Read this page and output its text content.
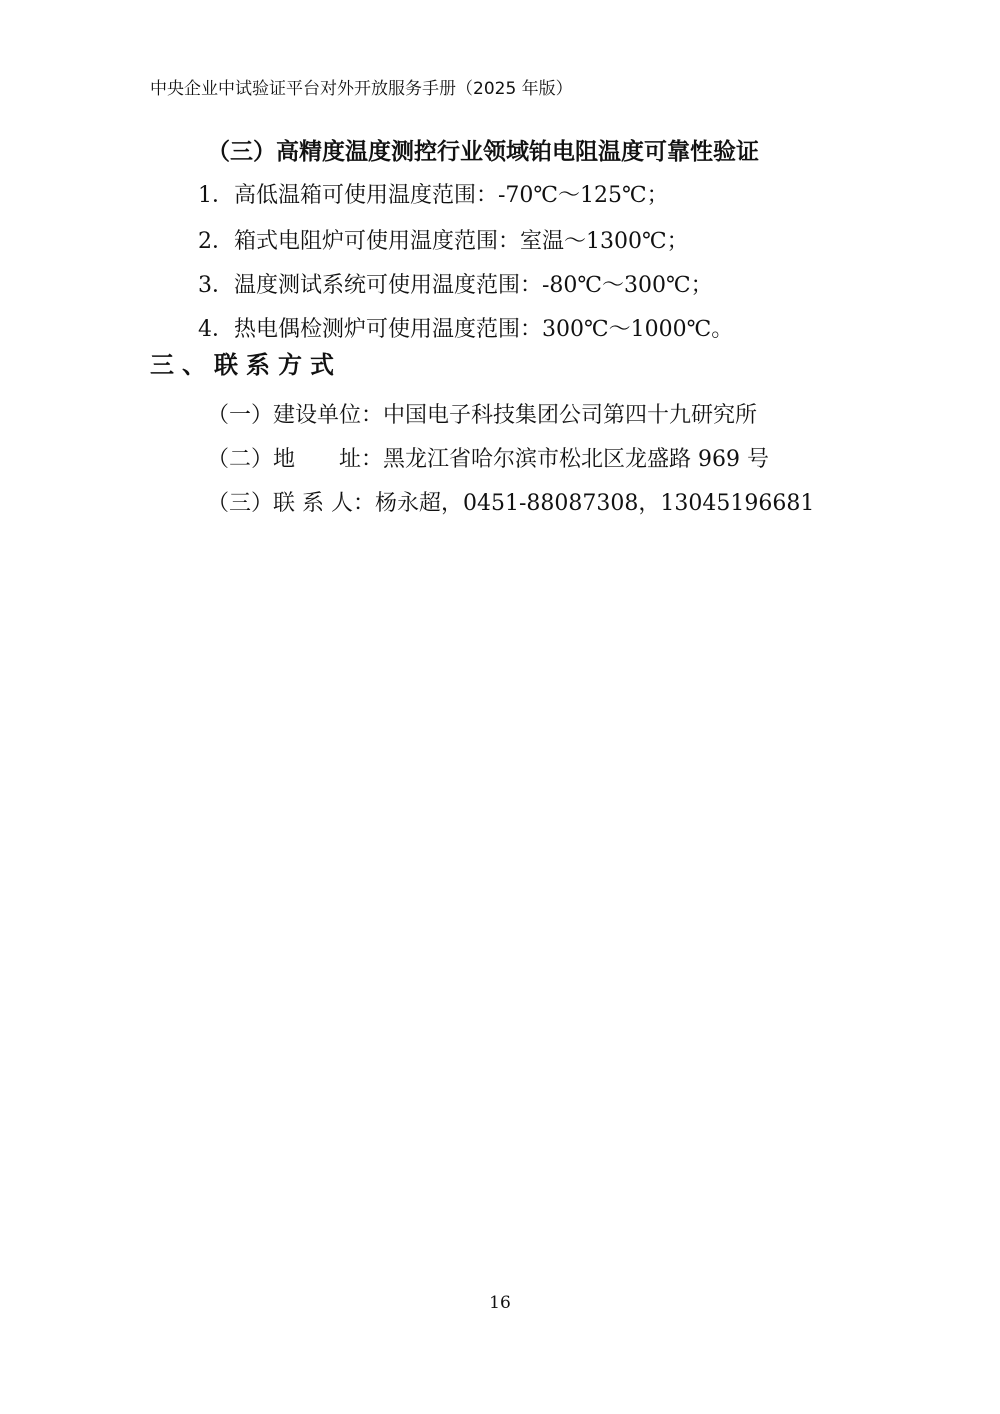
中央企业中试验证平台对外开放服务手册（2025 年版）
（三）高精度温度测控行业领域铂电阻温度可靠性验证
1．高低温箱可使用温度范围：-70℃～125℃；
2．箱式电阻炉可使用温度范围：室温～1300℃；
3．温度测试系统可使用温度范围：-80℃～300℃；
4．热电偶检测炉可使用温度范围：300℃～1000℃。
三、联系方式
（一）建设单位：中国电子科技集团公司第四十九研究所
（二）地　　址：黑龙江省哈尔滨市松北区龙盛路 969 号
（三）联 系 人：杨永超，0451-88087308，13045196681
16
